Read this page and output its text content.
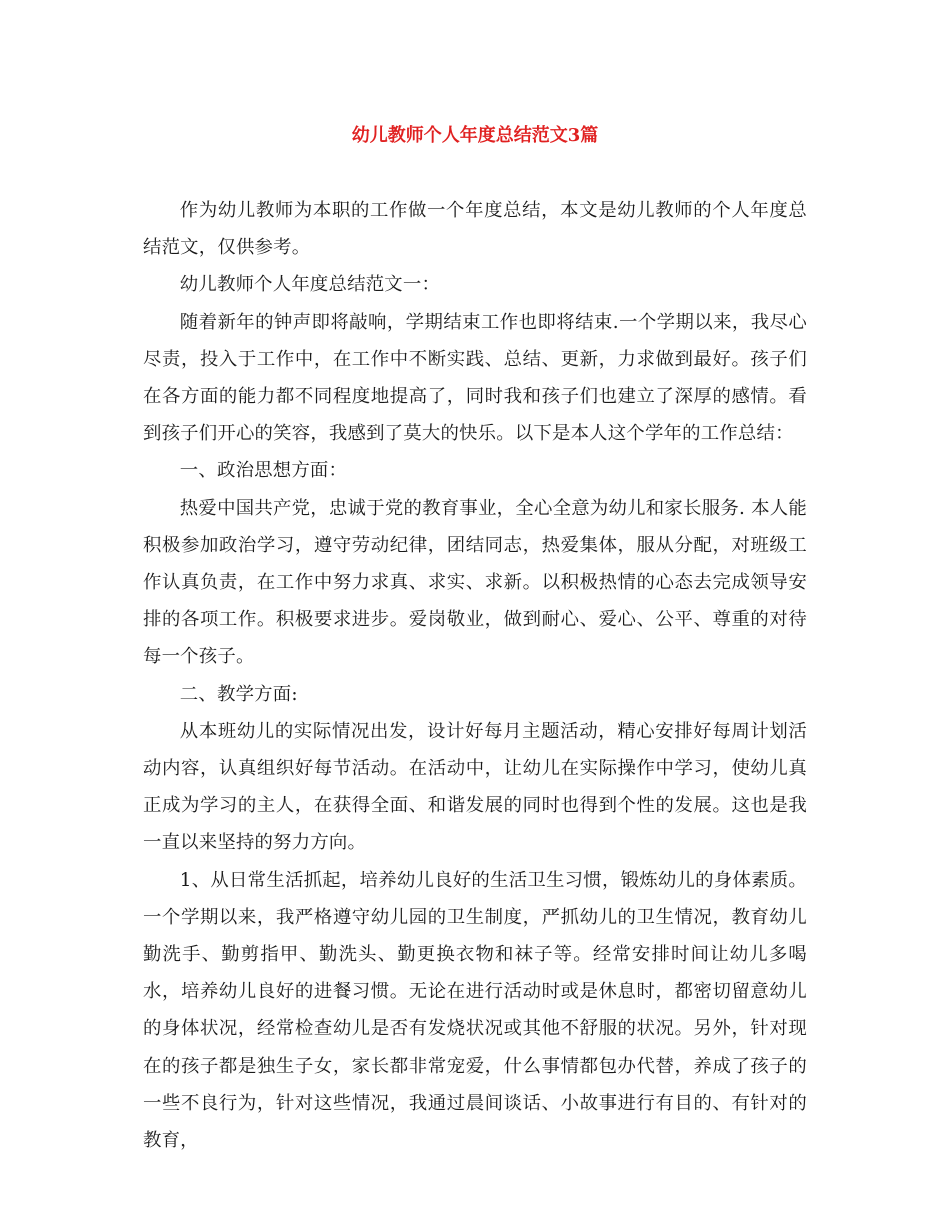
幼儿教师个人年度总结范文3篇

作为幼儿教师为本职的工作做一个年度总结，本文是幼儿教师的个人年度总结范文，仅供参考。

幼儿教师个人年度总结范文一：

随着新年的钟声即将敲响，学期结束工作也即将结束.一个学期以来，我尽心尽责，投入于工作中，在工作中不断实践、总结、更新，力求做到最好。孩子们在各方面的能力都不同程度地提高了，同时我和孩子们也建立了深厚的感情。看到孩子们开心的笑容，我感到了莫大的快乐。以下是本人这个学年的工作总结：

一、政治思想方面：

热爱中国共产党，忠诚于党的教育事业，全心全意为幼儿和家长服务. 本人能积极参加政治学习，遵守劳动纪律，团结同志，热爱集体，服从分配，对班级工作认真负责，在工作中努力求真、求实、求新。以积极热情的心态去完成领导安排的各项工作。积极要求进步。爱岗敬业，做到耐心、爱心、公平、尊重的对待每一个孩子。

二、教学方面:

从本班幼儿的实际情况出发，设计好每月主题活动，精心安排好每周计划活动内容，认真组织好每节活动。在活动中，让幼儿在实际操作中学习，使幼儿真正成为学习的主人，在获得全面、和谐发展的同时也得到个性的发展。这也是我一直以来坚持的努力方向。

1、从日常生活抓起，培养幼儿良好的生活卫生习惯，锻炼幼儿的身体素质。一个学期以来，我严格遵守幼儿园的卫生制度，严抓幼儿的卫生情况，教育幼儿勤洗手、勤剪指甲、勤洗头、勤更换衣物和袜子等。经常安排时间让幼儿多喝水，培养幼儿良好的进餐习惯。无论在进行活动时或是休息时，都密切留意幼儿的身体状况，经常检查幼儿是否有发烧状况或其他不舒服的状况。另外，针对现在的孩子都是独生子女，家长都非常宠爱，什么事情都包办代替，养成了孩子的一些不良行为，针对这些情况，我通过晨间谈话、小故事进行有目的、有针对的教育，
